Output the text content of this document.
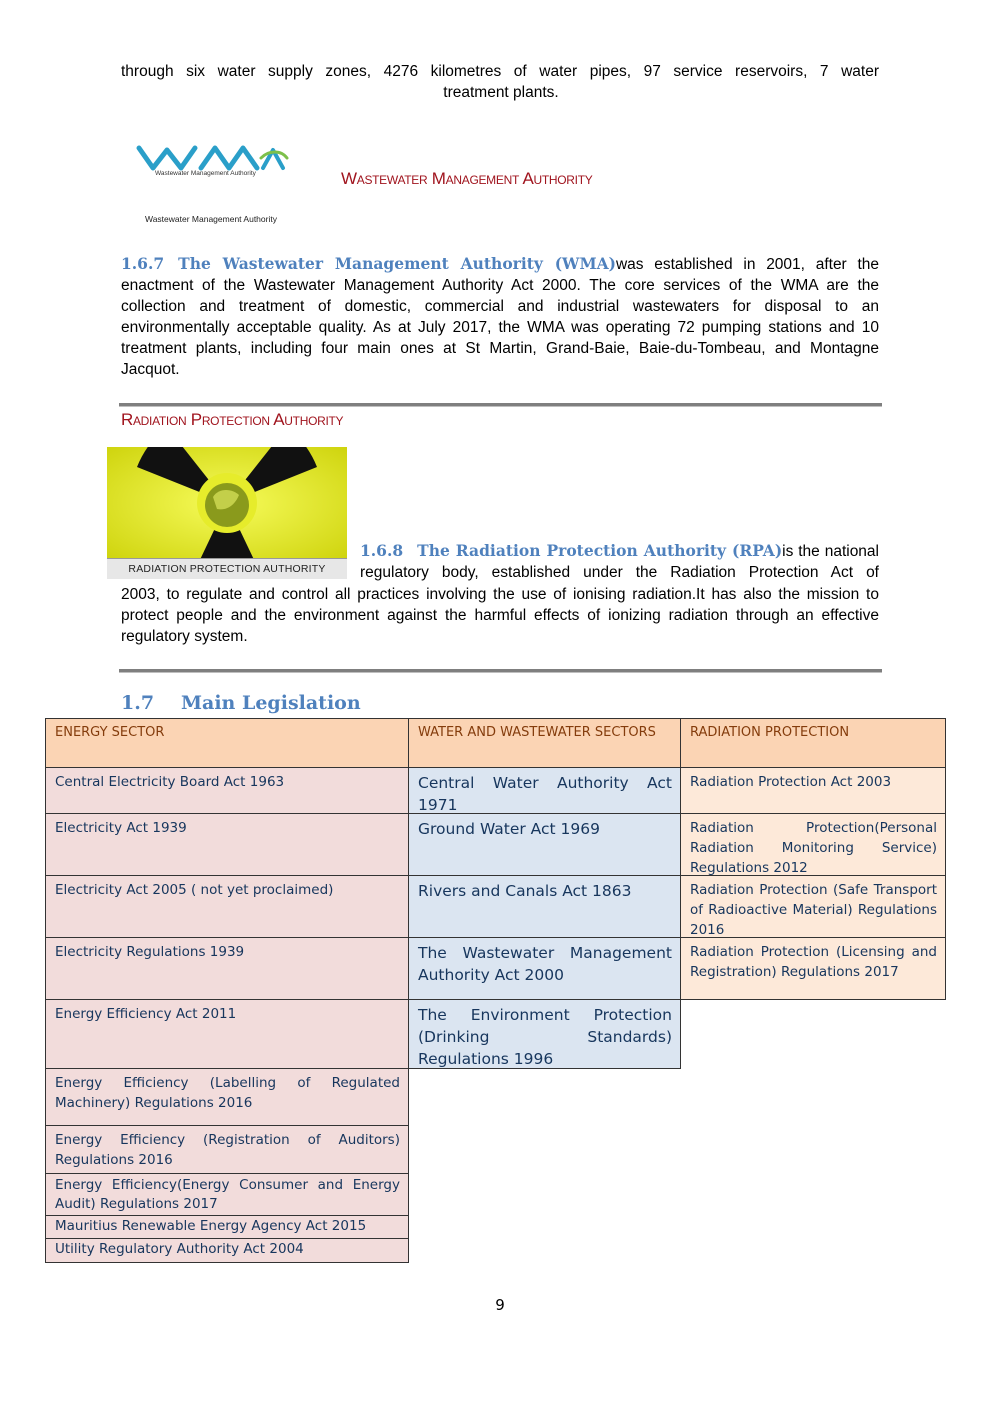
through six water supply zones, 4276 kilometres of water pipes, 97 service reservoirs, 7 water
treatment plants.
Wastewater Management Authority
Wastewater Management Authority
Wastewater Management Authority
1.6.7 The Wastewater Management Authority (WMA)was established in 2001, after the enactment of the Wastewater Management Authority Act 2000. The core services of the WMA are the collection and treatment of domestic, commercial and industrial wastewaters for disposal to an environmentally acceptable quality. As at July 2017, the WMA was operating 72 pumping stations and 10 treatment plants, including four main ones at St Martin, Grand-Baie, Baie-du-Tombeau, and Montagne Jacquot.
Radiation Protection Authority
RADIATION PROTECTION AUTHORITY
1.6.8 The Radiation Protection Authority (RPA)is the national regulatory body, established under the Radiation Protection Act of
2003, to regulate and control all practices involving the use of ionising radiation.It has also the mission to protect people and the environment against the harmful effects of ionizing radiation through an effective regulatory system.
1.7 Main Legislation
ENERGY SECTOR
Central Electricity Board Act 1963
Electricity Act 1939
Electricity Act 2005 ( not yet proclaimed)
Electricity Regulations 1939
Energy Efficiency Act 2011
Energy Efficiency (Labelling of Regulated Machinery) Regulations 2016
Energy Efficiency (Registration of Auditors) Regulations 2016
Energy Efficiency(Energy Consumer and Energy Audit) Regulations 2017
Mauritius Renewable Energy Agency Act 2015
Utility Regulatory Authority Act 2004
WATER AND WASTEWATER SECTORS
Central Water Authority Act 1971
Ground Water Act 1969
Rivers and Canals Act 1863
The Wastewater Management Authority Act 2000
The Environment Protection (Drinking Standards) Regulations 1996
RADIATION PROTECTION
Radiation Protection Act 2003
Radiation Protection(Personal Radiation Monitoring Service) Regulations 2012
Radiation Protection (Safe Transport of Radioactive Material) Regulations 2016
Radiation Protection (Licensing and Registration) Regulations 2017
9
